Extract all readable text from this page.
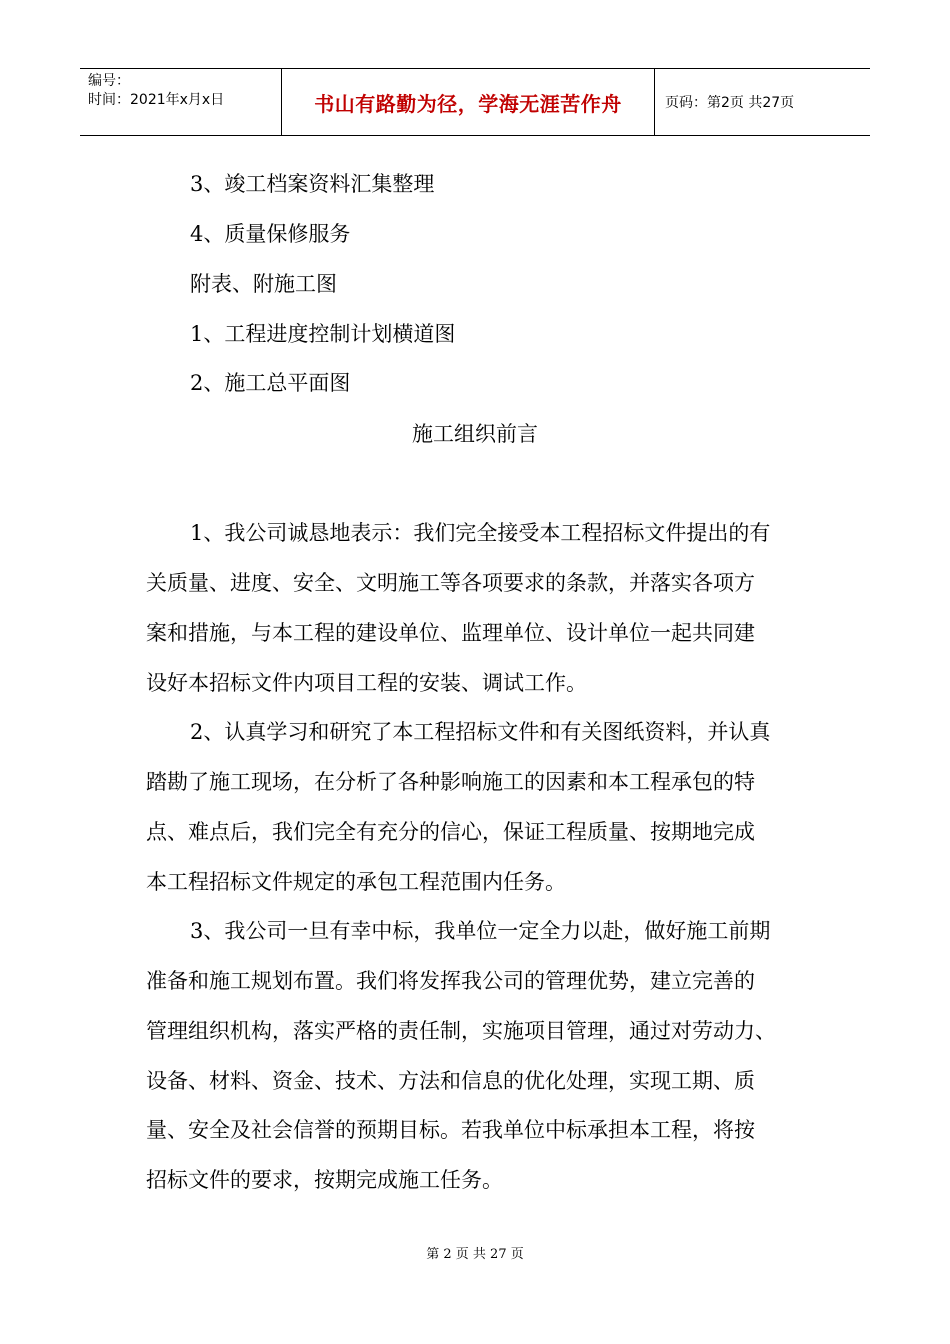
编号：
时间：2021年x月x日	书山有路勤为径，学海无涯苦作舟	页码：第2页 共27页
3、竣工档案资料汇集整理
4、质量保修服务
附表、附施工图
1、工程进度控制计划横道图
2、施工总平面图
施工组织前言
1、我公司诚恳地表示：我们完全接受本工程招标文件提出的有
关质量、进度、安全、文明施工等各项要求的条款，并落实各项方
案和措施，与本工程的建设单位、监理单位、设计单位一起共同建
设好本招标文件内项目工程的安装、调试工作。
2、认真学习和研究了本工程招标文件和有关图纸资料，并认真
踏勘了施工现场，在分析了各种影响施工的因素和本工程承包的特
点、难点后，我们完全有充分的信心，保证工程质量、按期地完成
本工程招标文件规定的承包工程范围内任务。
3、我公司一旦有幸中标，我单位一定全力以赴，做好施工前期
准备和施工规划布置。我们将发挥我公司的管理优势，建立完善的
管理组织机构，落实严格的责任制，实施项目管理，通过对劳动力、
设备、材料、资金、技术、方法和信息的优化处理，实现工期、质
量、安全及社会信誉的预期目标。若我单位中标承担本工程，将按
招标文件的要求，按期完成施工任务。
第 2 页 共 27 页
